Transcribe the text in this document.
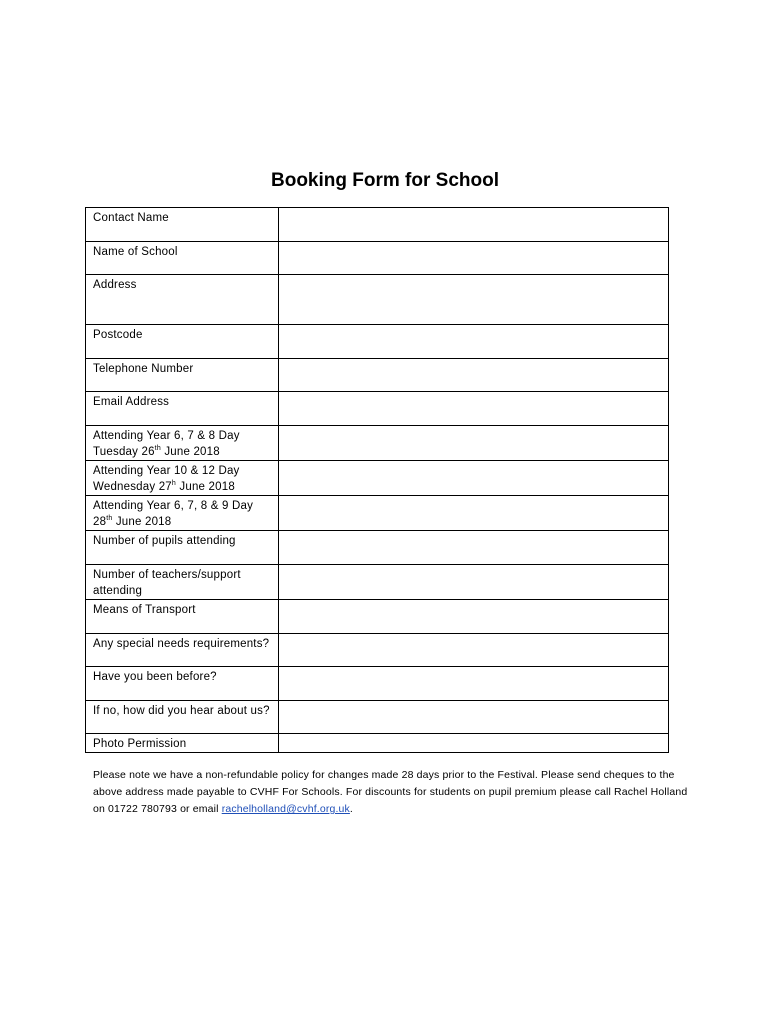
Booking Form for School
Contact Name	
Name of School	
Address	
Postcode	
Telephone Number	
Email Address	
Attending Year 6, 7 & 8 Day
Tuesday 26th June 2018	
Attending Year 10 & 12 Day
Wednesday 27$^h$ June 2018	
Attending Year 6, 7, 8 & 9 Day
28th June 2018	
Number of pupils attending	
Number of teachers/support attending	
Means of Transport	
Any special needs requirements?	
Have you been before?	
If no, how did you hear about us?	
Photo Permission	
Please note we have a non-refundable policy for changes made 28 days prior to the Festival. Please send cheques to the above address made payable to CVHF For Schools. For discounts for students on pupil premium please call Rachel Holland on 01722 780793 or email rachelholland@cvhf.org.uk.
